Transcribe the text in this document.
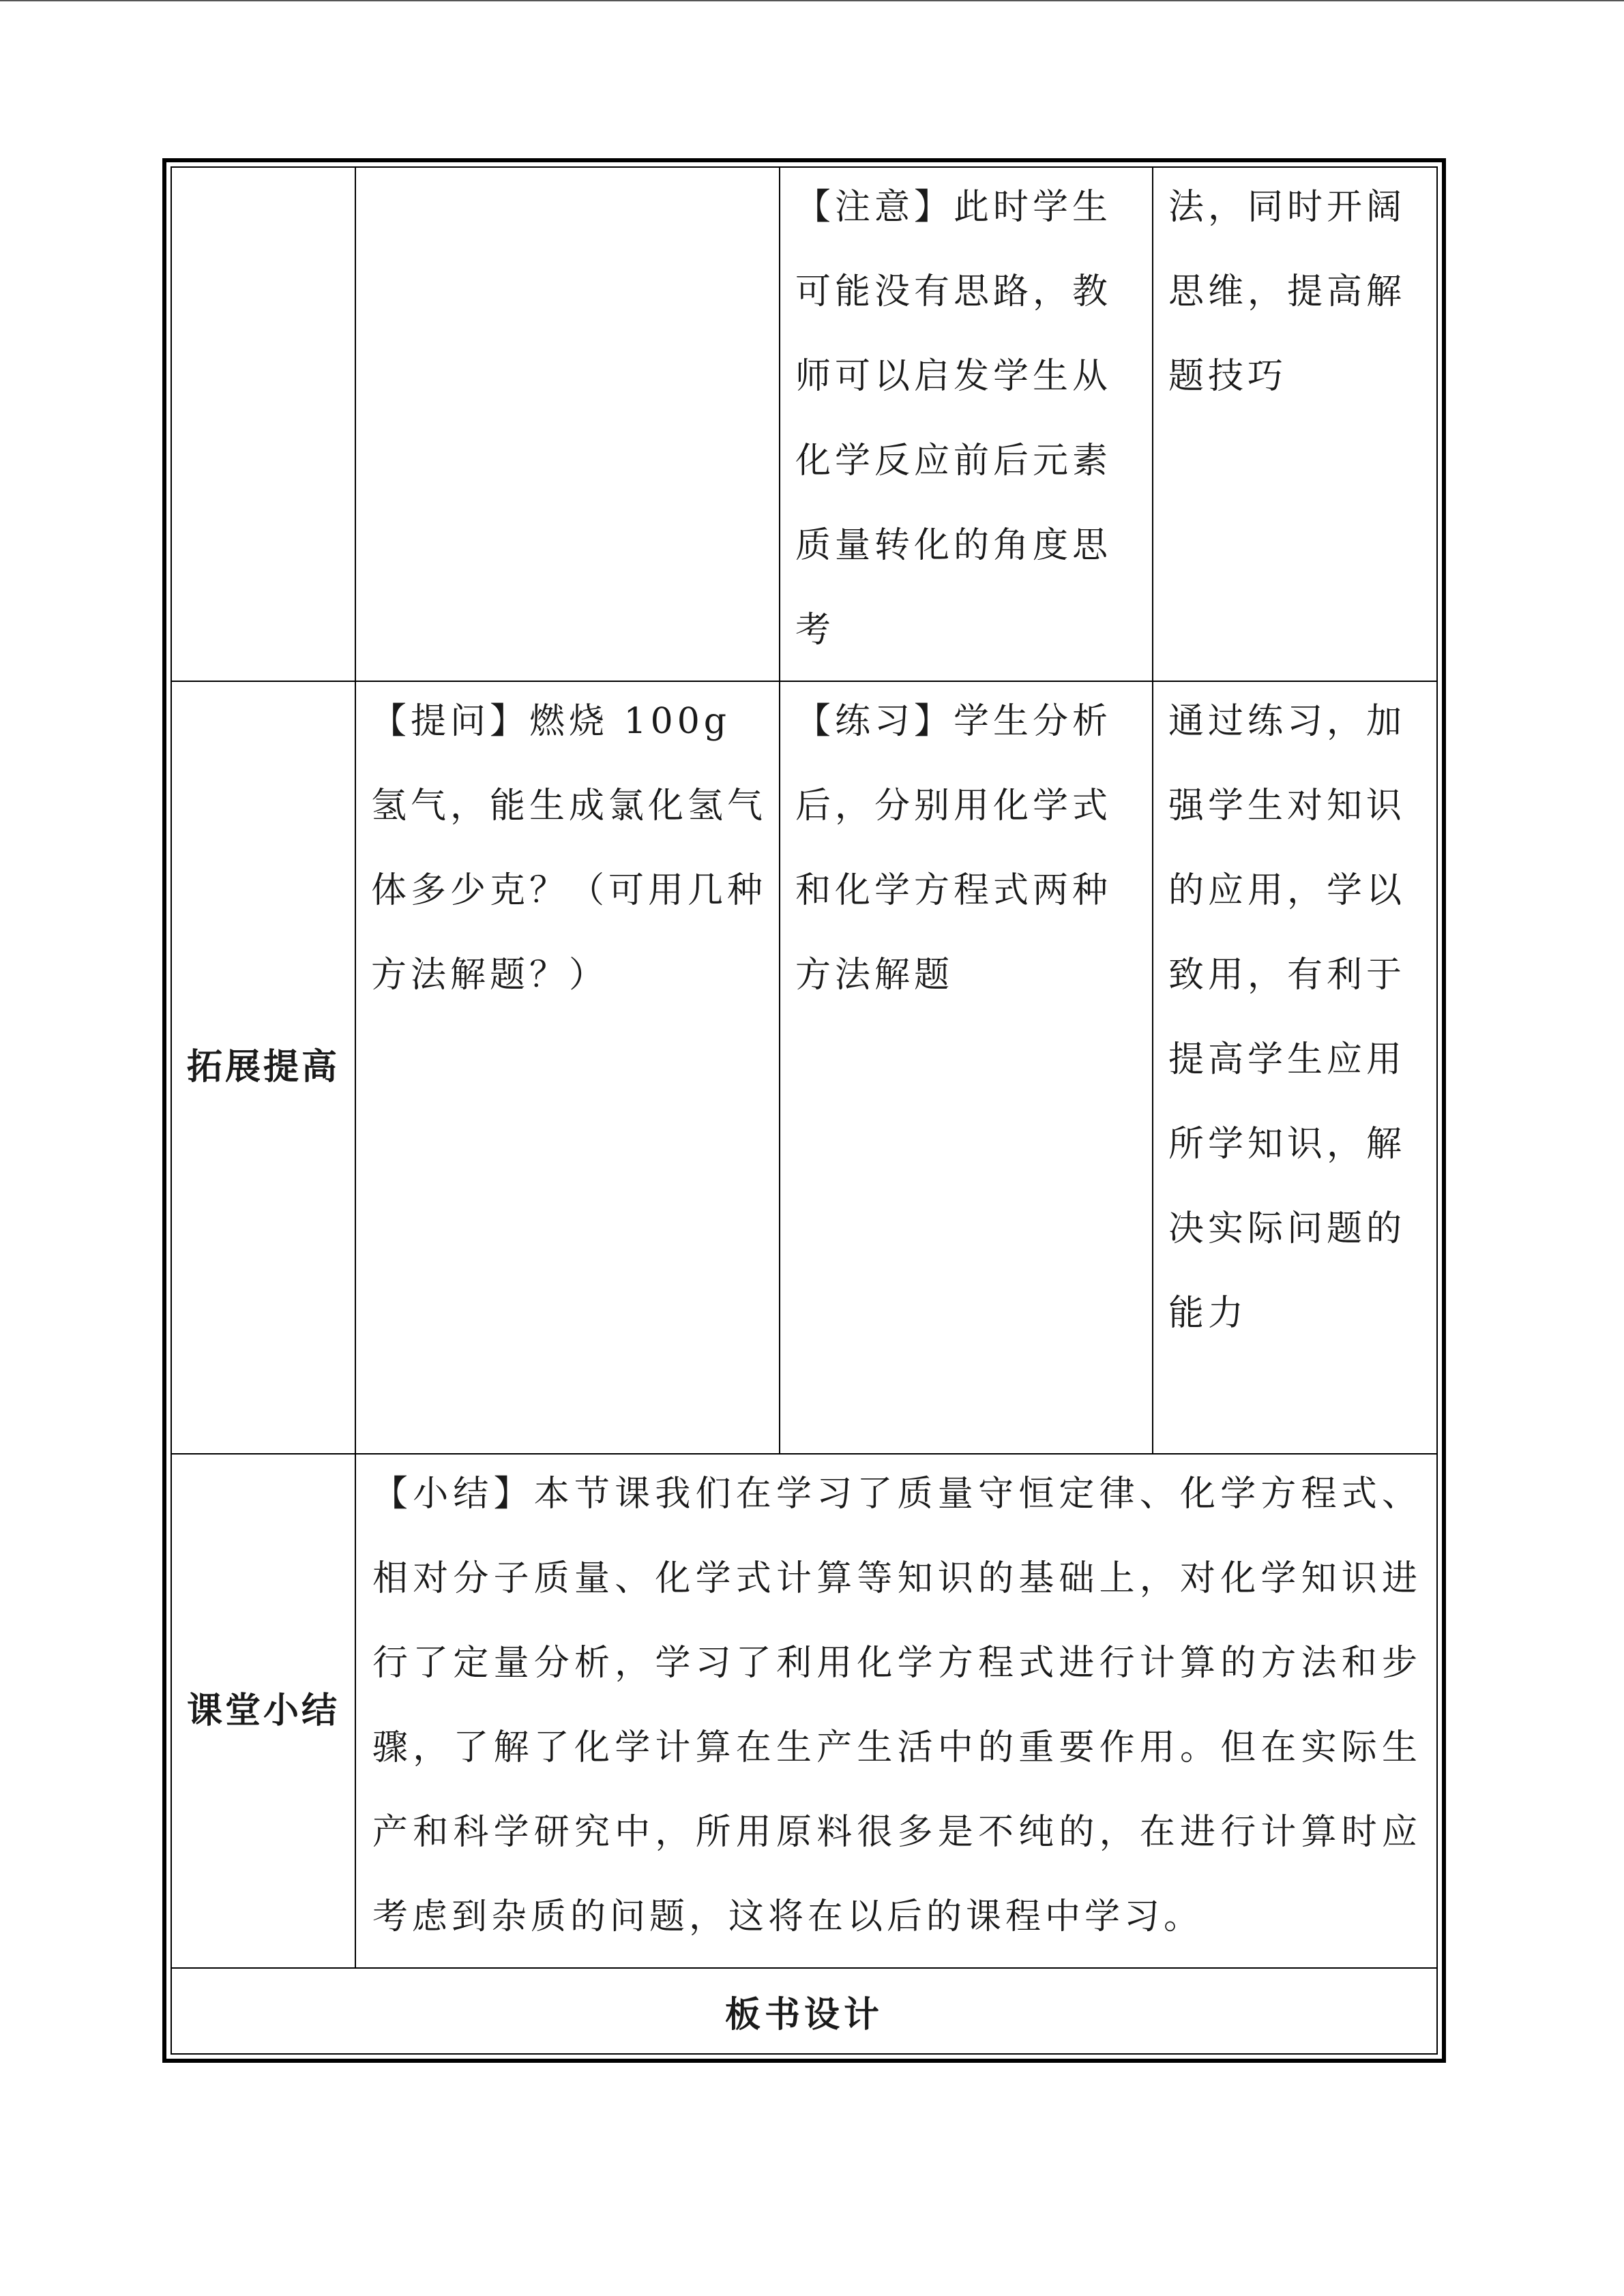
		【注意】此时学生可能没有思路，教师可以启发学生从化学反应前后元素质量转化的角度思考	法，同时开阔思维，提高解题技巧

拓展提高	【提问】燃烧 100g 氢气，能生成氯化氢气体多少克？（可用几种方法解题？）	【练习】学生分析后，分别用化学式和化学方程式两种方法解题	通过练习，加强学生对知识的应用，学以致用，有利于提高学生应用所学知识，解决实际问题的能力

课堂小结	【小结】本节课我们在学习了质量守恒定律、化学方程式、相对分子质量、化学式计算等知识的基础上，对化学知识进行了定量分析，学习了利用化学方程式进行计算的方法和步骤，了解了化学计算在生产生活中的重要作用。但在实际生产和科学研究中，所用原料很多是不纯的，在进行计算时应考虑到杂质的问题，这将在以后的课程中学习。		

板书设计			
